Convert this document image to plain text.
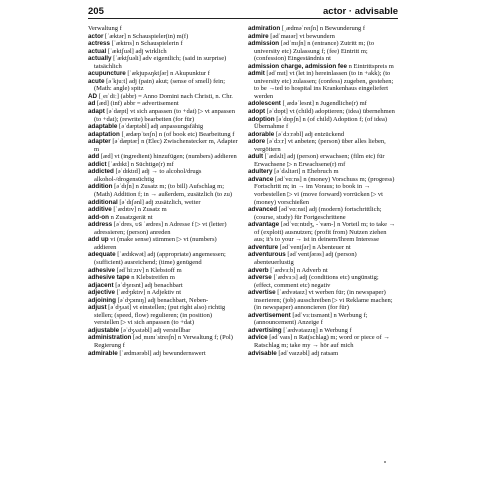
205	actor · advisable

Verwaltung f

actor [ˈæktər] n Schauspieler(in) m(f)

actress [ˈæktrɪs] n Schauspielerin f

actual [ˈæktʃuəl] adj wirklich

actually [ˈæktʃuəli] adv eigentlich; (said in surprise) tatsächlich

acupuncture [ˈækjupʌŋktʃər] n Akupunktur f

acute [əˈkjuːt] adj (pain) akut; (sense of smell) fein; (Math: angle) spitz

AD [ˌeɪˈdiː] (abbr) = Anno Domini nach Christi, n. Chr.

ad [æd] (inf) abbr = advertisement

adapt [əˈdæpt] vt sich anpassen (to +dat) ▷ vt anpassen (to +dat); (rewrite) bearbeiten (for für)

adaptable [əˈdæptəbl] adj anpassungsfähig

adaptation [ˌædæpˈteɪʃn] n (of book etc) Bearbeitung f

adapter [əˈdæptər] n (Elec) Zwischenstecker m, Adapter m

add [æd] vt (ingredient) hinzufügen; (numbers) addieren

addict [ˈædɪkt] n Süchtige(r) mf

addicted [əˈdɪktɪd] adj → to alcohol/drugs alkohol-/drogensüchtig

addition [əˈdɪʃn] n Zusatz m; (to bill) Aufschlag m; (Math) Addition f; in → außerdem, zusätzlich (to zu)

additional [əˈdɪʃənl] adj zusätzlich, weiter

additive [ˈædɪtɪv] n Zusatz m

add-on n Zusatzgerät nt

address [əˈdres, ᴜꜱ ˈædres] n Adresse f ▷ vt (letter) adressieren; (person) anreden

add up vi (make sense) stimmen ▷ vt (numbers) addieren

adequate [ˈædɪkwət] adj (appropriate) angemessen; (sufficient) ausreichend; (time) genügend

adhesive [ədˈhiːzɪv] n Klebstoff m

adhesive tape n Klebstreifen m

adjacent [əˈdʒeɪsnt] adj benachbart

adjective [ˈædʒɪktɪv] n Adjektiv nt

adjoining [əˈdʒɔɪnɪŋ] adj benachbart, Neben-

adjust [əˈdʒʌst] vt einstellen; (put right also) richtig stellen; (speed, flow) regulieren; (in position) verstellen ▷ vi sich anpassen (to +dat)

adjustable [əˈdʒʌstəbl] adj verstellbar

administration [ədˌmɪnɪˈstreɪʃn] n Verwaltung f; (Pol) Regierung f

admirable [ˈædmərəbl] adj bewundernswert

admiration [ˌædməˈreɪʃn] n Bewunderung f

admire [ədˈmaɪər] vt bewundern

admission [ədˈmɪʃn] n (entrance) Zutritt m; (to university etc) Zulassung f; (fee) Eintritt m; (confession) Eingeständnis nt

admission charge, admission fee n Eintrittspreis m

admit [ədˈmɪt] vt (let in) hereinlassen (to in +akk); (to university etc) zulassen; (confess) zugeben, gestehen; to be →ted to hospital ins Krankenhaus eingeliefert werden

adolescent [ˌædəˈlesnt] n Jugendliche(r) mf

adopt [əˈdɒpt] vt (child) adoptieren; (idea) übernehmen

adoption [əˈdɒpʃn] n (of child) Adoption f; (of idea) Übernahme f

adorable [əˈdɔːrəbl] adj entzückend

adore [əˈdɔːr] vt anbeten; (person) über alles lieben, vergöttern

adult [ˈædʌlt] adj (person) erwachsen; (film etc) für Erwachsene ▷ n Erwachsene(r) mf

adultery [əˈdʌltəri] n Ehebruch m

advance [ədˈvɑːns] n (money) Vorschuss m; (progress) Fortschritt m; in → im Voraus; to book in → vorbestellen ▷ vi (move forward) vorrücken ▷ vt (money) vorschießen

advanced [ədˈvɑːnst] adj (modern) fortschrittlich; (course, study) für Fortgeschrittene

advantage [ədˈvɑːntɪdʒ, -ˈvæn-] n Vorteil m; to take → of (exploit) ausnutzen; (profit from) Nutzen ziehen aus; it's to your → ist in deinem/Ihrem Interesse

adventure [ədˈventʃər] n Abenteuer nt

adventurous [ədˈventʃərəs] adj (person) abenteuerlustig

adverb [ˈædvɜːb] n Adverb nt

adverse [ˈædvɜːs] adj (conditions etc) ungünstig; (effect, comment etc) negativ

advertise [ˈædvətaɪz] vt werben für; (in newspaper) inserieren; (job) ausschreiben ▷ vi Reklame machen; (in newspaper) annoncieren (for für)

advertisement [ədˈvɜːtɪsmənt] n Werbung f; (announcement) Anzeige f

advertising [ˈædvətaɪzɪŋ] n Werbung f

advice [ədˈvaɪs] n Rat(schlag) m; word or piece of → Ratschlag m; take my → hör auf mich

advisable [ədˈvaɪzəbl] adj ratsam
